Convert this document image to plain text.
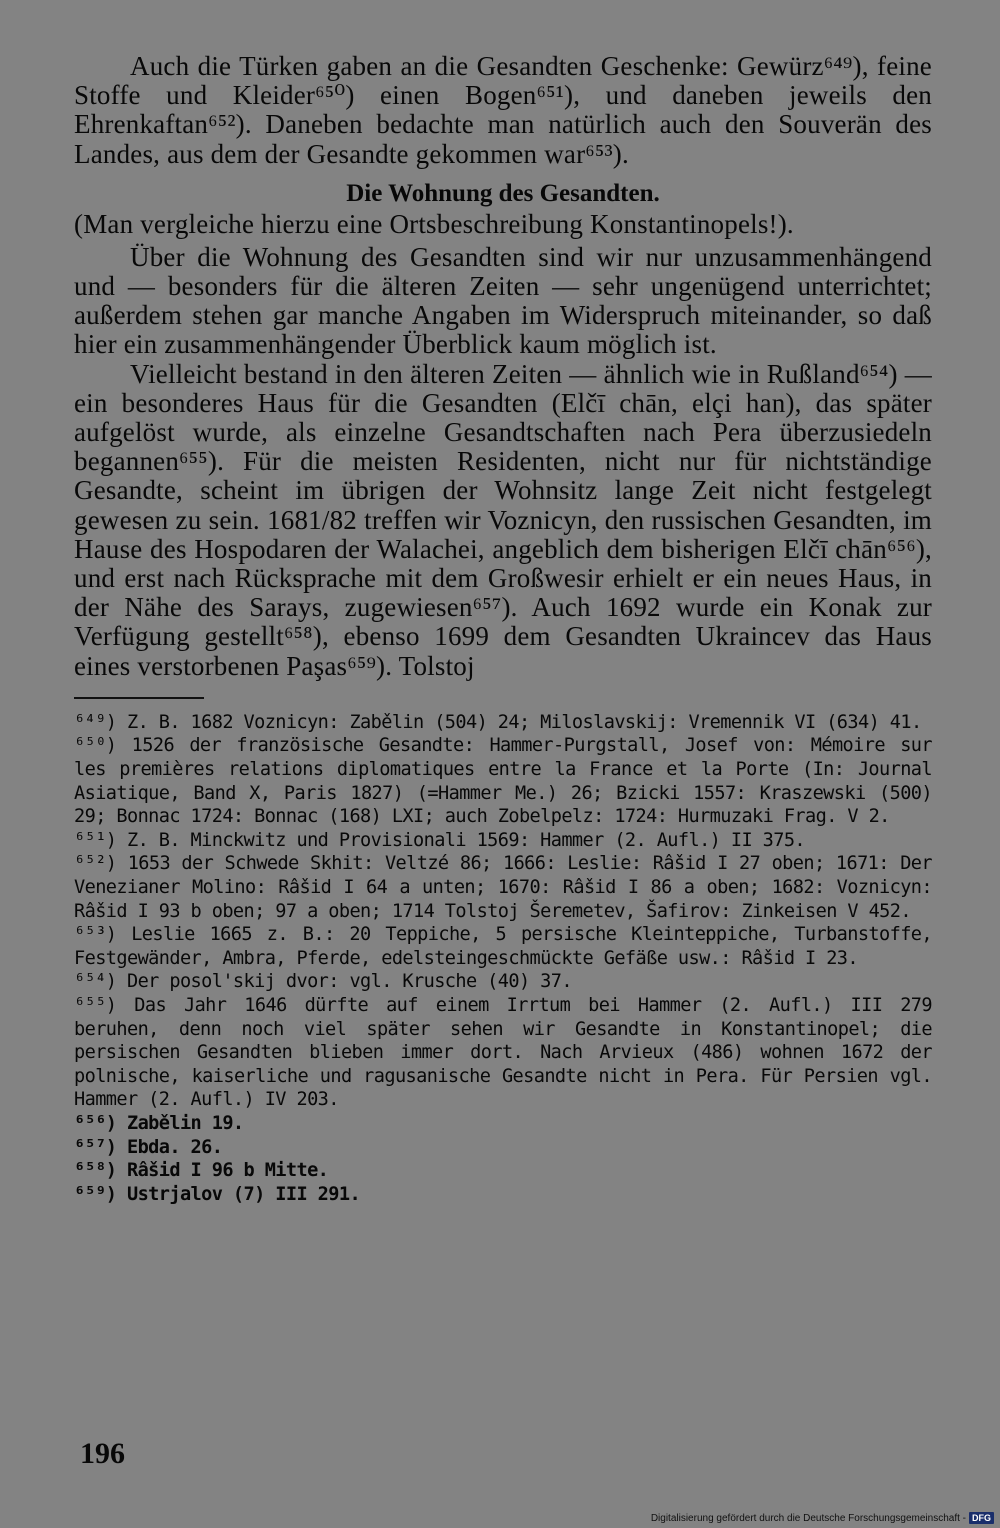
Auch die Türken gaben an die Gesandten Geschenke: Gewürz⁶⁴⁹), feine Stoffe und Kleider⁶⁵⁰) einen Bogen⁶⁵¹), und daneben jeweils den Ehrenkaftan⁶⁵²). Daneben bedachte man natürlich auch den Souverän des Landes, aus dem der Gesandte gekommen war⁶⁵³).

Die Wohnung des Gesandten.

(Man vergleiche hierzu eine Ortsbeschreibung Konstantinopels!).

Über die Wohnung des Gesandten sind wir nur unzusammenhängend und — besonders für die älteren Zeiten — sehr ungenügend unterrichtet; außerdem stehen gar manche Angaben im Widerspruch miteinander, so daß hier ein zusammenhängender Überblick kaum möglich ist.

Vielleicht bestand in den älteren Zeiten — ähnlich wie in Rußland⁶⁵⁴) — ein besonderes Haus für die Gesandten (Elčī chān, elçi han), das später aufgelöst wurde, als einzelne Gesandtschaften nach Pera überzusiedeln begannen⁶⁵⁵). Für die meisten Residenten, nicht nur für nichtständige Gesandte, scheint im übrigen der Wohnsitz lange Zeit nicht festgelegt gewesen zu sein. 1681/82 treffen wir Voznicyn, den russischen Gesandten, im Hause des Hospodaren der Walachei, angeblich dem bisherigen Elčī chān⁶⁵⁶), und erst nach Rücksprache mit dem Großwesir erhielt er ein neues Haus, in der Nähe des Sarays, zugewiesen⁶⁵⁷). Auch 1692 wurde ein Konak zur Verfügung gestellt⁶⁵⁸), ebenso 1699 dem Gesandten Ukraincev das Haus eines verstorbenen Paşas⁶⁵⁹). Tolstoj

⁶⁴⁹) Z. B. 1682 Voznicyn: Zabělin (504) 24; Miloslavskij: Vremennik VI (634) 41.

⁶⁵⁰) 1526 der französische Gesandte: Hammer-Purgstall, Josef von: Mémoire sur les premières relations diplomatiques entre la France et la Porte (In: Journal Asiatique, Band X, Paris 1827) (=Hammer Me.) 26; Bzicki 1557: Kraszewski (500) 29; Bonnac 1724: Bonnac (168) LXI; auch Zobelpelz: 1724: Hurmuzaki Frag. V 2.

⁶⁵¹) Z. B. Minckwitz und Provisionali 1569: Hammer (2. Aufl.) II 375.

⁶⁵²) 1653 der Schwede Skhit: Veltzé 86; 1666: Leslie: Râšid I 27 oben; 1671: Der Venezianer Molino: Râšid I 64 a unten; 1670: Râšid I 86 a oben; 1682: Voznicyn: Râšid I 93 b oben; 97 a oben; 1714 Tolstoj Šeremetev, Šafirov: Zinkeisen V 452.

⁶⁵³) Leslie 1665 z. B.: 20 Teppiche, 5 persische Kleinteppiche, Turbanstoffe, Festgewänder, Ambra, Pferde, edelsteingeschmückte Gefäße usw.: Râšid I 23.

⁶⁵⁴) Der posol'skij dvor: vgl. Krusche (40) 37.

⁶⁵⁵) Das Jahr 1646 dürfte auf einem Irrtum bei Hammer (2. Aufl.) III 279 beruhen, denn noch viel später sehen wir Gesandte in Konstantinopel; die persischen Gesandten blieben immer dort. Nach Arvieux (486) wohnen 1672 der polnische, kaiserliche und ragusanische Gesandte nicht in Pera. Für Persien vgl. Hammer (2. Aufl.) IV 203.

⁶⁵⁶) Zabělin 19.

⁶⁵⁷) Ebda. 26.

⁶⁵⁸) Râšid I 96 b Mitte.

⁶⁵⁹) Ustrjalov (7) III 291.

196
Digitalisierung gefördert durch die Deutsche Forschungsgemeinschaft - DFG
